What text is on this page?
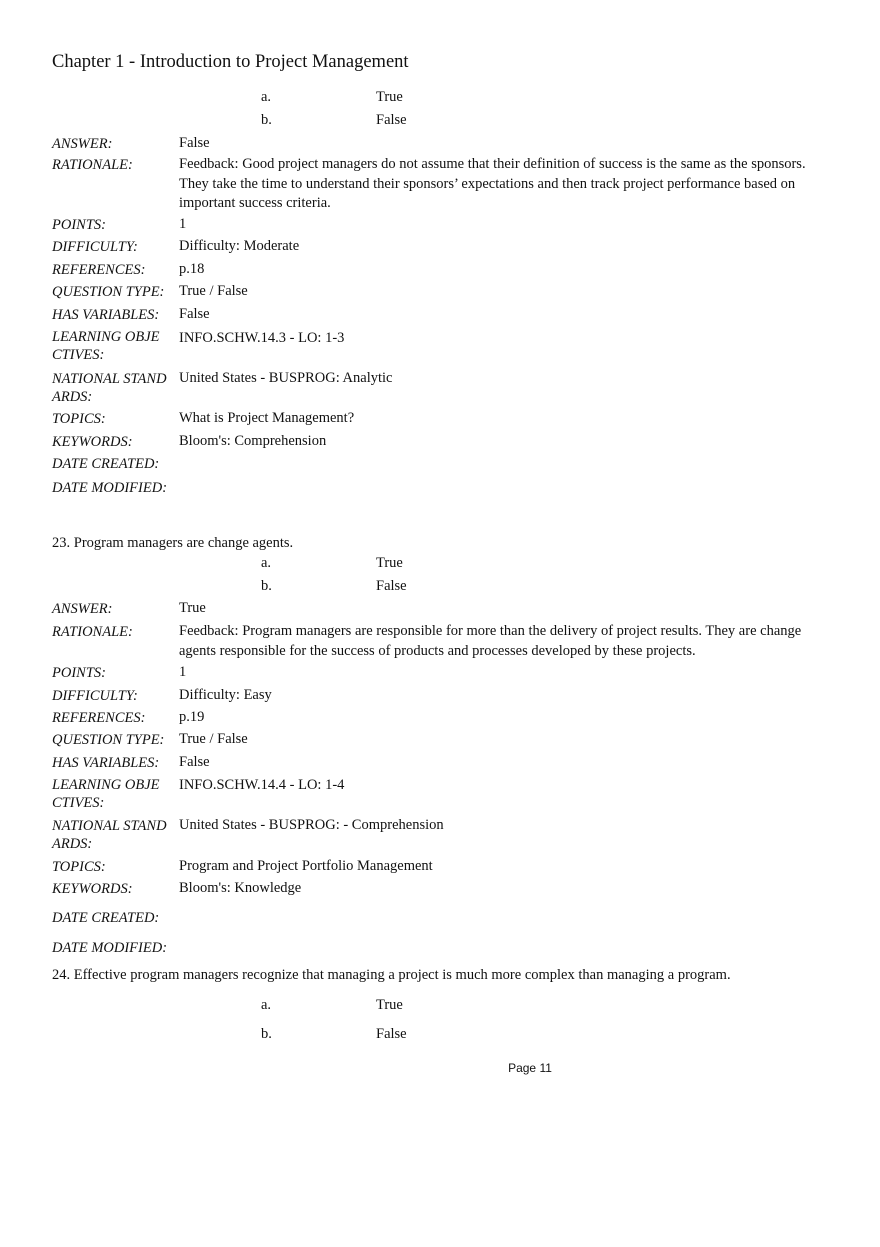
Chapter 1 - Introduction to Project Management
a.	True
b.	False
ANSWER:	False
RATIONALE:	Feedback: Good project managers do not assume that their definition of success is the same as the sponsors. They take the time to understand their sponsors’ expectations and then track project performance based on important success criteria.
POINTS:	1
DIFFICULTY:	Difficulty: Moderate
REFERENCES:	p.18
QUESTION TYPE:	True / False
HAS VARIABLES:	False
LEARNING OBJE
CTIVES:
INFO.SCHW.14.3 - LO: 1-3
NATIONAL STAND
ARDS:
United States - BUSPROG: Analytic
TOPICS:	What is Project Management?
KEYWORDS:	Bloom's: Comprehension
DATE CREATED:
DATE MODIFIED:
23. Program managers are change agents.
a.	True
b.	False
ANSWER:	True
RATIONALE:	Feedback: Program managers are responsible for more than the delivery of project results. They are change agents responsible for the success of products and processes developed by these projects.
POINTS:	1
DIFFICULTY:	Difficulty: Easy
REFERENCES:	p.19
QUESTION TYPE:	True / False
HAS VARIABLES:	False
LEARNING OBJE
CTIVES:
INFO.SCHW.14.4 - LO: 1-4
NATIONAL STAND
ARDS:
United States - BUSPROG: - Comprehension
TOPICS:	Program and Project Portfolio Management
KEYWORDS:	Bloom's: Knowledge
DATE CREATED:
DATE MODIFIED:
24. Effective program managers recognize that managing a project is much more complex than managing a program.
a.	True
b.	False
Page 11
